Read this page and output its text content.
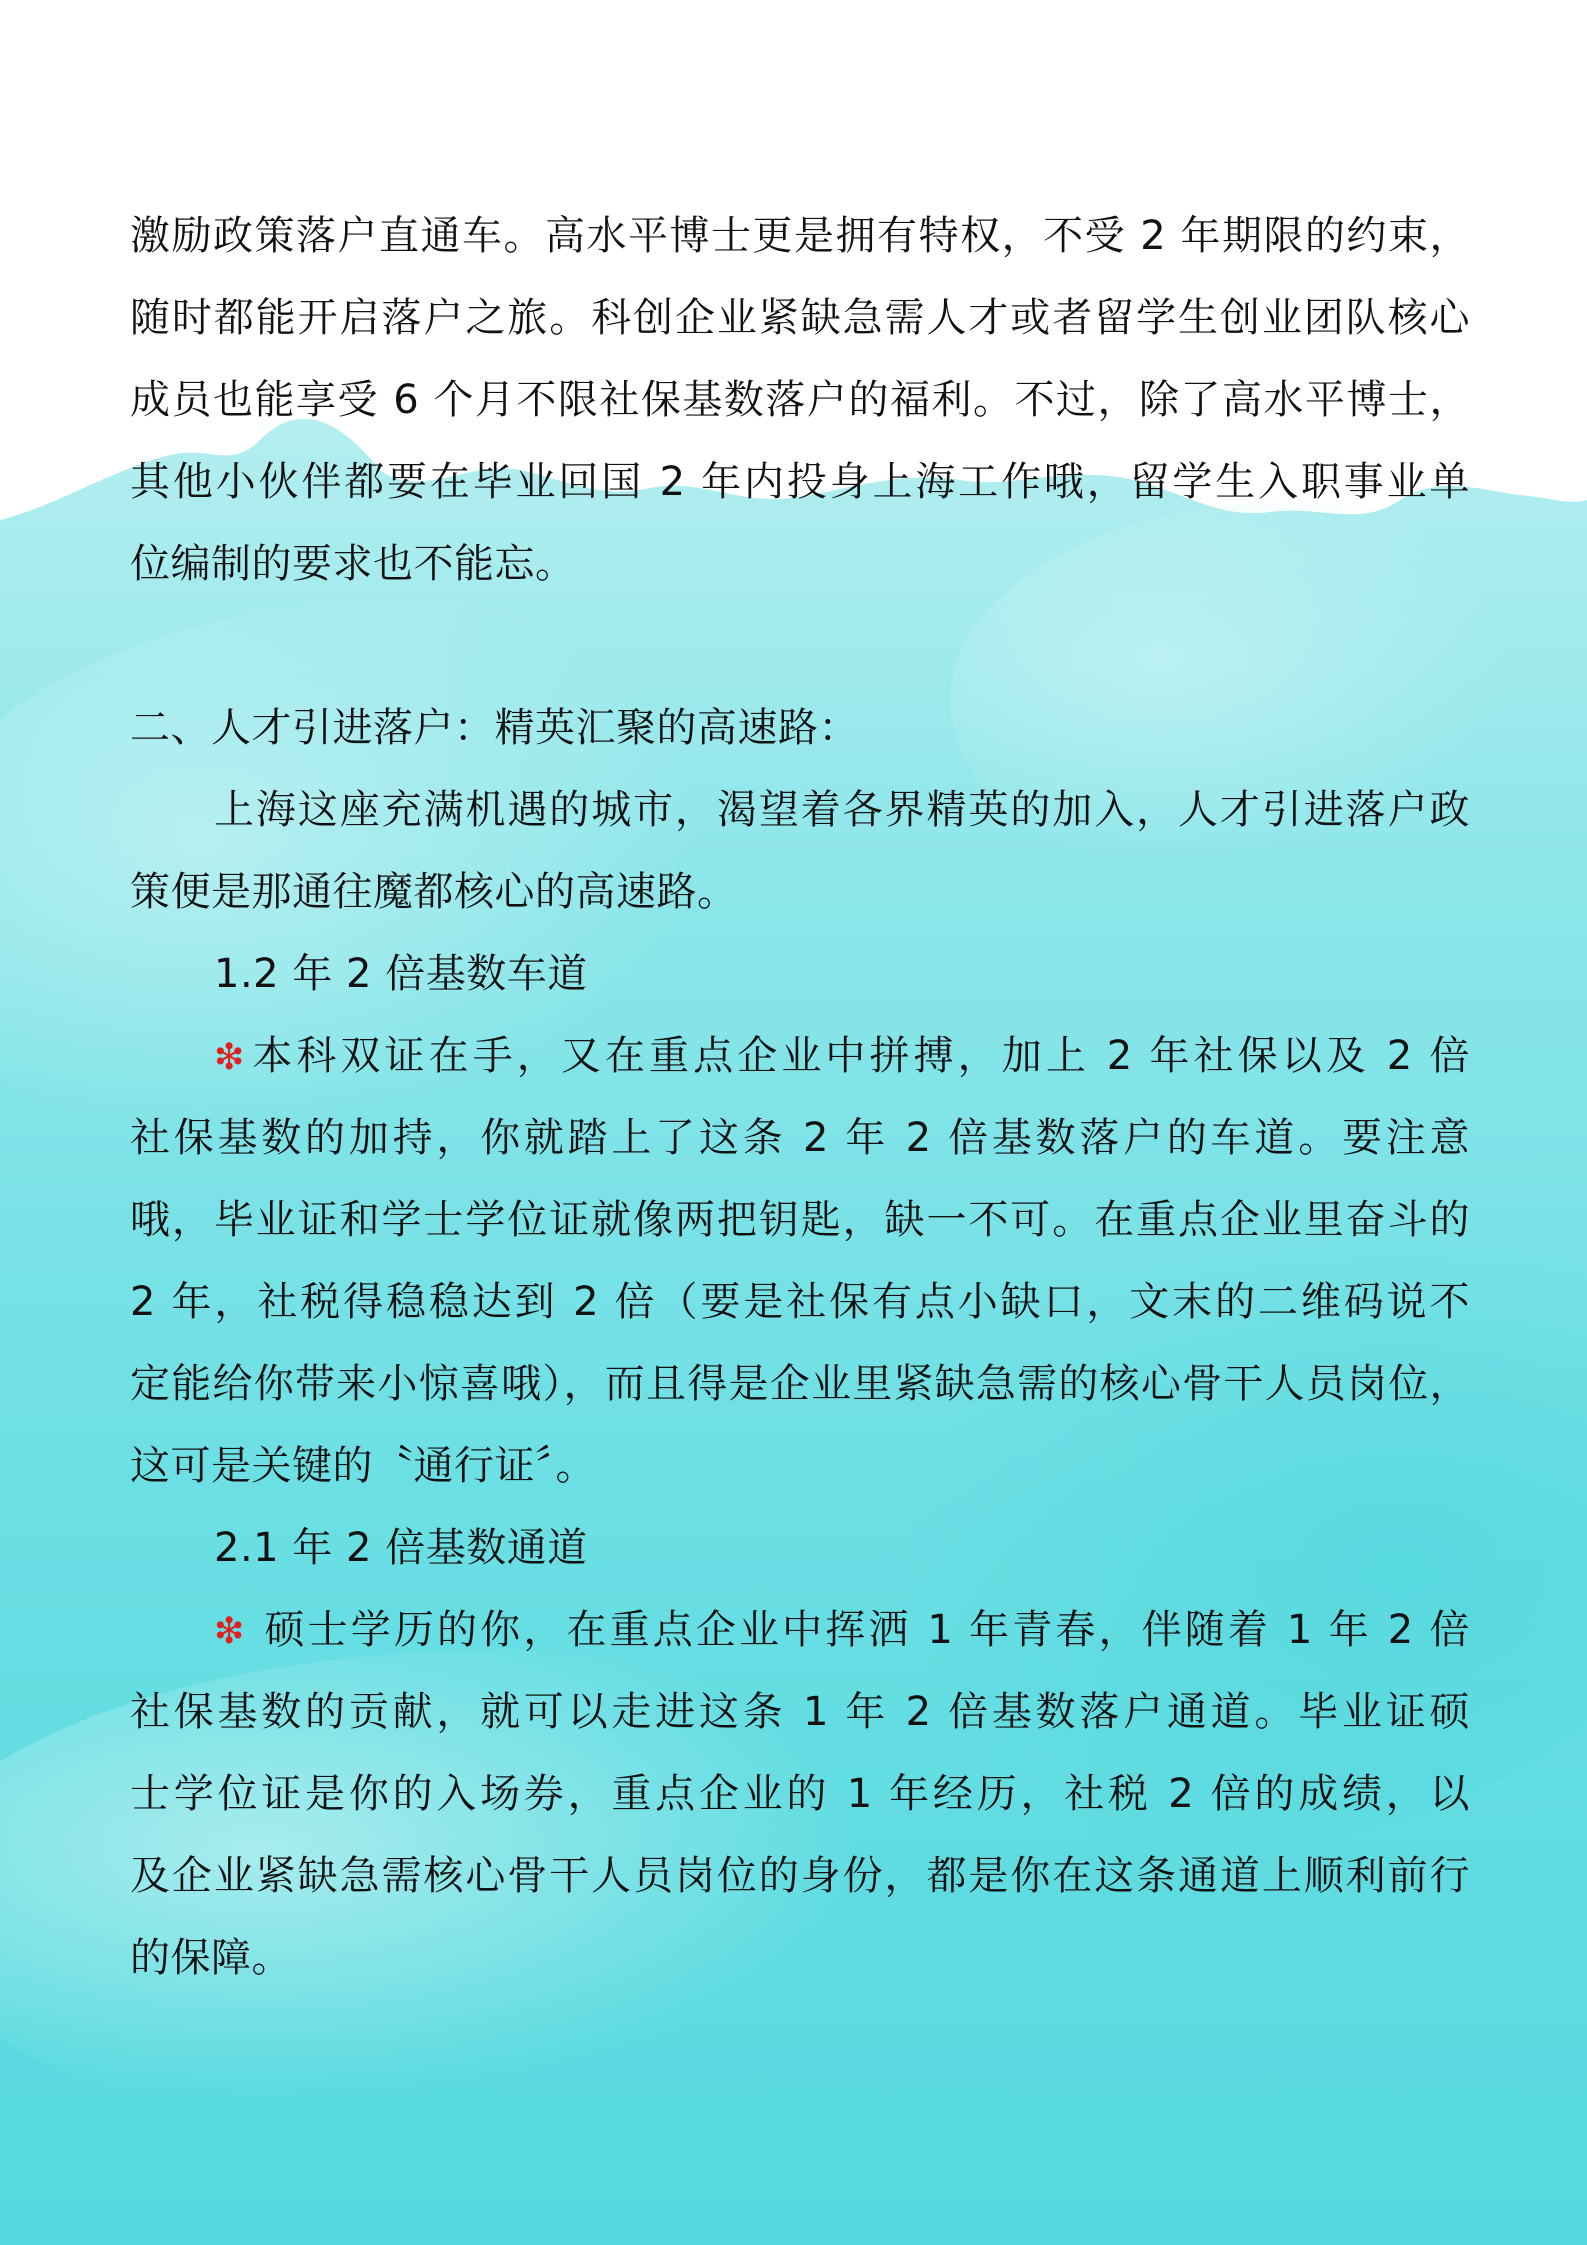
激励政策落户直通车。高水平博士更是拥有特权，不受 2 年期限的约束，
随时都能开启落户之旅。科创企业紧缺急需人才或者留学生创业团队核心
成员也能享受 6 个月不限社保基数落户的福利。不过，除了高水平博士，
其他小伙伴都要在毕业回国 2 年内投身上海工作哦，留学生入职事业单
位编制的要求也不能忘。
二、人才引进落户：精英汇聚的高速路：
上海这座充满机遇的城市，渴望着各界精英的加入，人才引进落户政
策便是那通往魔都核心的高速路。
1.2 年 2 倍基数车道
❇ 本科双证在手，又在重点企业中拼搏，加上 2 年社保以及 2 倍
社保基数的加持，你就踏上了这条 2 年 2 倍基数落户的车道。要注意
哦，毕业证和学士学位证就像两把钥匙，缺一不可。在重点企业里奋斗的
2 年，社税得稳稳达到 2 倍（要是社保有点小缺口，文末的二维码说不
定能给你带来小惊喜哦），而且得是企业里紧缺急需的核心骨干人员岗位，
这可是关键的〝通行证〞。
2.1 年 2 倍基数通道
❇ 硕士学历的你，在重点企业中挥洒 1 年青春，伴随着 1 年 2 倍
社保基数的贡献，就可以走进这条 1 年 2 倍基数落户通道。毕业证硕
士学位证是你的入场券，重点企业的 1 年经历，社税 2 倍的成绩，以
及企业紧缺急需核心骨干人员岗位的身份，都是你在这条通道上顺利前行
的保障。
